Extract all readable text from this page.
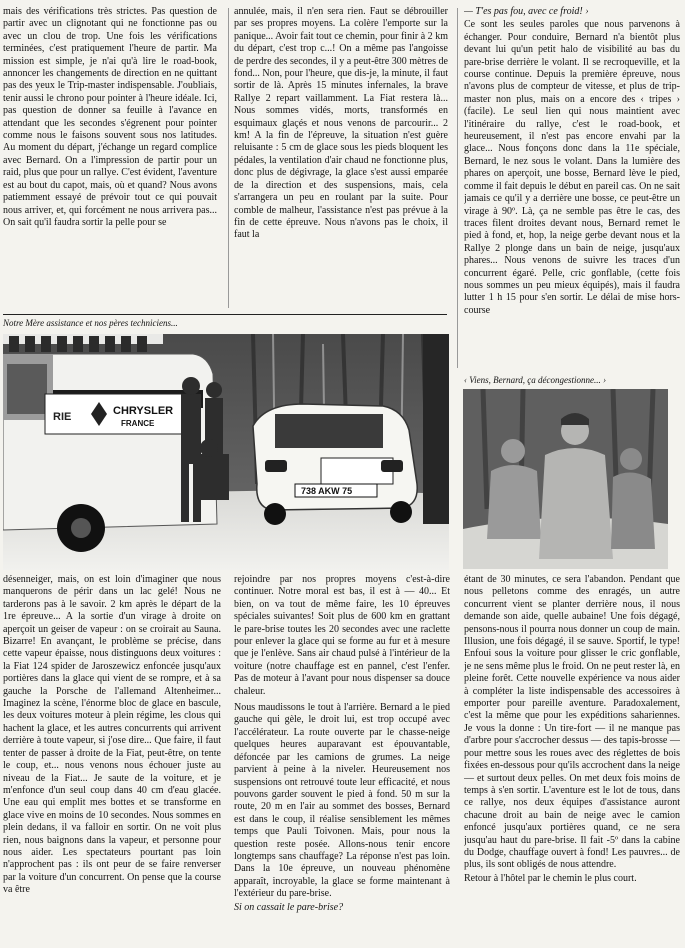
mais des vérifications très strictes. Pas question de partir avec un clignotant qui ne fonctionne pas ou avec un clou de trop. Une fois les vérifications terminées, c'est pratiquement l'heure de partir. Ma mission est simple, je n'ai qu'à lire le road-book, annoncer les changements de direction en ne quittant pas des yeux le Trip-master indispensable. J'oubliais, tenir aussi le chrono pour pointer à l'heure idéale. Ici, pas question de donner sa feuille à l'avance en attendant que les secondes s'égrenent pour pointer comme nous le faisons souvent sous nos latitudes. Au moment du départ, j'échange un regard complice avec Bernard. On a l'impression de partir pour un raid, plus que pour un rallye. C'est évident, l'aventure est au bout du capot, mais, où et quand? Nous avons patiemment essayé de prévoir tout ce qui pouvait nous arriver, et, qui forcément ne nous arrivera pas... On sait qu'il faudra sortir la pelle pour se

annulée, mais, il n'en sera rien. Faut se débrouiller par ses propres moyens. La colère l'emporte sur la panique... Avoir fait tout ce chemin, pour finir à 2 km du départ, c'est trop c...! On a même pas l'angoisse de perdre des secondes, il y a peut-être 300 mètres de fond... Non, pour l'heure, que dis-je, la minute, il faut sortir de là. Après 15 minutes infernales, la brave Rallye 2 repart vaillamment. La Fiat restera là... Nous sommes vidés, morts, transformés en esquimaux glaçés et nous venons de parcourir... 2 km! A la fin de l'épreuve, la situation n'est guère reluisante : 5 cm de glace sous les pieds bloquent les pédales, la ventilation d'air chaud ne fonctionne plus, donc plus de dégivrage, la glace s'est aussi emparée de la direction et des suspensions, mais, cela s'arrangera un peu en roulant par la suite. Pour comble de malheur, l'assistance n'est pas prévue à la fin de cette épreuve. Nous n'avons pas le choix, il faut la

— T'es pas fou, avec ce froid! ›

Ce sont les seules paroles que nous parvenons à échanger. Pour conduire, Bernard n'a bientôt plus devant lui qu'un petit halo de visibilité au bas du pare-brise derrière le volant. Il se recroqueville, et la course continue. Depuis la première épreuve, nous n'avons plus de compteur de vitesse, et plus de trip-master non plus, mais on a encore des ‹ tripes › (facile). Le seul lien qui nous maintient avec l'itinéraire du rallye, c'est le road-book, et heureusement, il n'est pas encore envahi par la glace... Nous fonçons donc dans la 11e spéciale, Bernard, le nez sous le volant. Dans la lumière des phares on aperçoit, une bosse, Bernard lève le pied, comme il fait depuis le début en pareil cas. On ne sait jamais ce qu'il y a derrière une bosse, ce peut-être un virage à 90º. Là, ça ne semble pas être le cas, des traces filent droites devant nous, Bernard remet le pied à fond, et, hop, la neige gerbe devant nous et la Rallye 2 plonge dans un bain de neige, jusqu'aux phares... Nous venons de suivre les traces d'un concurrent égaré. Pelle, cric gonflable, (cette fois nous sommes un peu mieux équipés), mais il faudra lutter 1 h 15 pour s'en sortir. Le délai de mise hors-course

Notre Mère assistance et nos pères techniciens...

RIE	CHRYSLER
FRANCE
738 AKW 75

‹ Viens, Bernard, ça décongestionne... ›

désenneiger, mais, on est loin d'imaginer que nous manquerons de périr dans un lac gelé! Nous ne tarderons pas à le savoir. 2 km après le départ de la 1re épreuve... A la sortie d'un virage à droite on aperçoit un geiser de vapeur : on se croirait au Sauna. Bizarre! En avançant, le problème se précise, dans cette vapeur épaisse, nous distinguons deux voitures : la Fiat 124 spider de Jaroszewicz enfoncée jusqu'aux portières dans la glace qui vient de se rompre, et à sa gauche la Porsche de l'allemand Altenheimer... Imaginez la scène, l'énorme bloc de glace en bascule, les deux voitures moteur à plein régime, les clous qui hachent la glace, et les autres concurrents qui arrivent derrière à toute vapeur, si j'ose dire... Que faire, il faut tenter de passer à droite de la Fiat, peut-être, on tente le coup, et... nous venons nous échouer juste au niveau de la Fiat... Je saute de la voiture, et je m'enfonce d'un seul coup dans 40 cm d'eau glacée. Une eau qui emplit mes bottes et se transforme en glace vive en moins de 10 secondes. Nous sommes en plein dedans, il va falloir en sortir. On ne voit plus rien, nous baignons dans la vapeur, et personne pour nous aider. Les spectateurs pourtant pas loin n'approchent pas : ils ont peur de se faire renverser par la voiture d'un concurrent. On pense que la course va être

rejoindre par nos propres moyens c'est-à-dire continuer. Notre moral est bas, il est à — 40... Et bien, on va tout de même faire, les 10 épreuves spéciales suivantes! Soit plus de 600 km en grattant le pare-brise toutes les 20 secondes avec une raclette pour enlever la glace qui se forme au fur et à mesure que je l'enlève. Sans air chaud pulsé à l'intérieur de la voiture (notre chauffage est en pannel, c'est l'enfer. Pas de moteur à l'avant pour nous dispenser sa douce chaleur.

Nous maudissons le tout à l'arrière. Bernard a le pied gauche qui gèle, le droit lui, est trop occupé avec l'accélérateur. La route ouverte par le chasse-neige quelques heures auparavant est épouvantable, défoncée par les camions de grumes. La neige parvient à peine à la niveler. Heureusement nos suspensions ont retrouvé toute leur efficacité, et nous pouvons garder souvent le pied à fond. 50 m sur la route, 20 m en l'air au sommet des bosses, Bernard est dans le coup, il réalise sensiblement les mêmes temps que Pauli Toivonen. Mais, pour nous la question reste posée. Allons-nous tenir encore longtemps sans chauffage? La réponse n'est pas loin. Dans la 10e épreuve, un nouveau phénomène apparaît, incroyable, la glace se forme maintenant à l'extérieur du pare-brise.

Si on cassait le pare-brise?

étant de 30 minutes, ce sera l'abandon. Pendant que nous pelletons comme des enragés, un autre concurrent vient se planter derrière nous, il nous demande son aide, quelle aubaine! Une fois dégagé, pensons-nous il pourra nous donner un coup de main. Illusion, une fois dégagé, il se sauve. Sportif, le type! Enfoui sous la voiture pour glisser le cric gonflable, je ne sens même plus le froid. On ne peut rester là, en pleine forêt. Cette nouvelle expérience va nous aider à compléter la liste indispensable des accessoires à emporter pour pareille aventure. Paradoxalement, c'est la même que pour les expéditions sahariennes. Je vous la donne : Un tire-fort — il ne manque pas d'arbre pour s'accrocher dessus — des tapis-brosse — pour mettre sous les roues avec des réglettes de bois fixées en-dessous pour qu'ils accrochent dans la neige — et surtout deux pelles. On met deux fois moins de temps à s'en sortir. L'aventure est le lot de tous, dans ce rallye, nos deux équipes d'assistance auront chacune droit au bain de neige avec le camion enfoncé jusqu'aux portières quand, ce ne sera jusqu'au haut du pare-brise. Il fait -5º dans la cabine du Dodge, chauffage ouvert à fond! Les pauvres... de plus, ils sont obligés de nous attendre.

Retour à l'hôtel par le chemin le plus court.
